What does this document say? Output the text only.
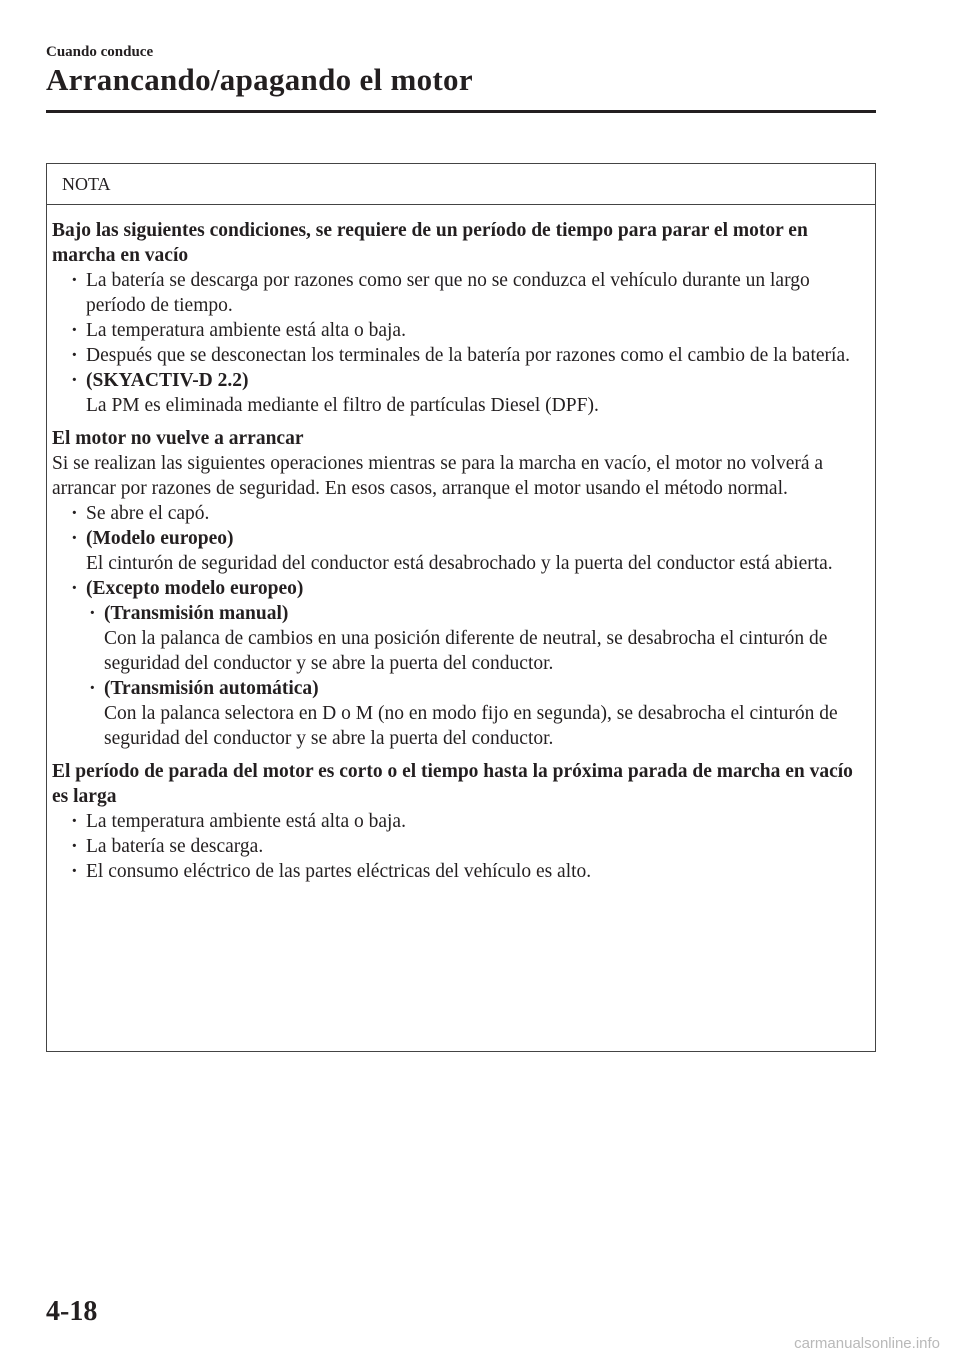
Cuando conduce
Arrancando/apagando el motor
NOTA
Bajo las siguientes condiciones, se requiere de un período de tiempo para parar el motor en marcha en vacío
· La batería se descarga por razones como ser que no se conduzca el vehículo durante un largo período de tiempo.
· La temperatura ambiente está alta o baja.
· Después que se desconectan los terminales de la batería por razones como el cambio de la batería.
· (SKYACTIV-D 2.2)
La PM es eliminada mediante el filtro de partículas Diesel (DPF).
El motor no vuelve a arrancar
Si se realizan las siguientes operaciones mientras se para la marcha en vacío, el motor no volverá a arrancar por razones de seguridad. En esos casos, arranque el motor usando el método normal.
· Se abre el capó.
· (Modelo europeo)
El cinturón de seguridad del conductor está desabrochado y la puerta del conductor está abierta.
· (Excepto modelo europeo)
· (Transmisión manual)
Con la palanca de cambios en una posición diferente de neutral, se desabrocha el cinturón de seguridad del conductor y se abre la puerta del conductor.
· (Transmisión automática)
Con la palanca selectora en D o M (no en modo fijo en segunda), se desabrocha el cinturón de seguridad del conductor y se abre la puerta del conductor.
El período de parada del motor es corto o el tiempo hasta la próxima parada de marcha en vacío es larga
· La temperatura ambiente está alta o baja.
· La batería se descarga.
· El consumo eléctrico de las partes eléctricas del vehículo es alto.
4-18
carmanualsonline.info
